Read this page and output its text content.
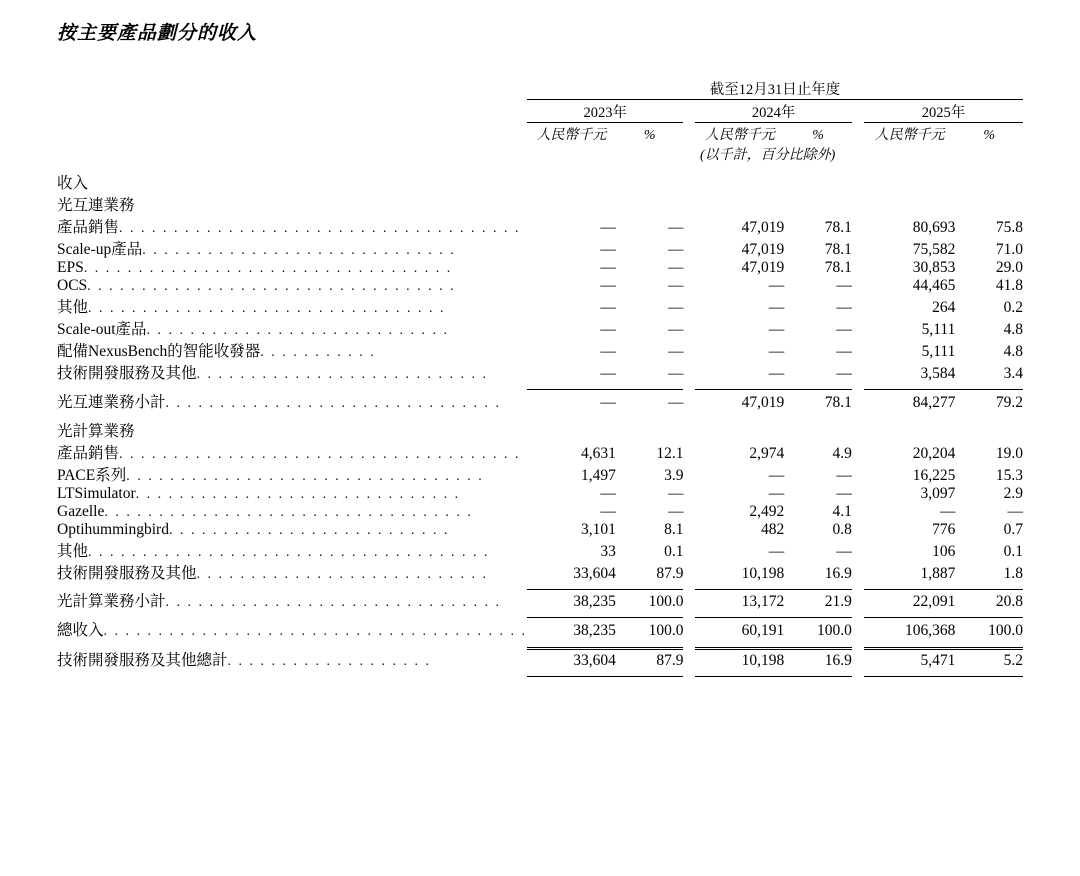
按主要產品劃分的收入
	截至12月31日止年度							

	2023年			2024年			2025年	

	人民幣千元	%		人民幣千元	%		人民幣千元	%
			(以千計，百分比除外)					

收入								
光互連業務								
產品銷售. . . . . . . . . . . . . . . . . . . . . . . . . . . . . . . . . . . . .	—	—		47,019	78.1		80,693	75.8
Scale-up產品. . . . . . . . . . . . . . . . . . . . . . . . . . . . .	—	—		47,019	78.1		75,582	71.0
EPS. . . . . . . . . . . . . . . . . . . . . . . . . . . . . . . . . .	—	—		47,019	78.1		30,853	29.0
OCS. . . . . . . . . . . . . . . . . . . . . . . . . . . . . . . . . .	—	—		—	—		44,465	41.8
其他. . . . . . . . . . . . . . . . . . . . . . . . . . . . . . . . .	—	—		—	—		264	0.2
Scale-out產品. . . . . . . . . . . . . . . . . . . . . . . . . . . .	—	—		—	—		5,111	4.8
配備NexusBench的智能收發器. . . . . . . . . . .	—	—		—	—		5,111	4.8
技術開發服務及其他. . . . . . . . . . . . . . . . . . . . . . . . . . .	—	—		—	—		3,584	3.4

光互連業務小計. . . . . . . . . . . . . . . . . . . . . . . . . . . . . . .	—	—		47,019	78.1		84,277	79.2

光計算業務								
產品銷售. . . . . . . . . . . . . . . . . . . . . . . . . . . . . . . . . . . . .	4,631	12.1		2,974	4.9		20,204	19.0
PACE系列. . . . . . . . . . . . . . . . . . . . . . . . . . . . . . . . .	1,497	3.9		—	—		16,225	15.3
LTSimulator. . . . . . . . . . . . . . . . . . . . . . . . . . . . . .	—	—		—	—		3,097	2.9
Gazelle. . . . . . . . . . . . . . . . . . . . . . . . . . . . . . . . . .	—	—		2,492	4.1		—	—
Optihummingbird. . . . . . . . . . . . . . . . . . . . . . . . . .	3,101	8.1		482	0.8		776	0.7
其他. . . . . . . . . . . . . . . . . . . . . . . . . . . . . . . . . . . . .	33	0.1		—	—		106	0.1
技術開發服務及其他. . . . . . . . . . . . . . . . . . . . . . . . . . .	33,604	87.9		10,198	16.9		1,887	1.8

光計算業務小計. . . . . . . . . . . . . . . . . . . . . . . . . . . . . . .	38,235	100.0		13,172	21.9		22,091	20.8

總收入. . . . . . . . . . . . . . . . . . . . . . . . . . . . . . . . . . . . . . .	38,235	100.0		60,191	100.0		106,368	100.0

技術開發服務及其他總計. . . . . . . . . . . . . . . . . . .	33,604	87.9		10,198	16.9		5,471	5.2
